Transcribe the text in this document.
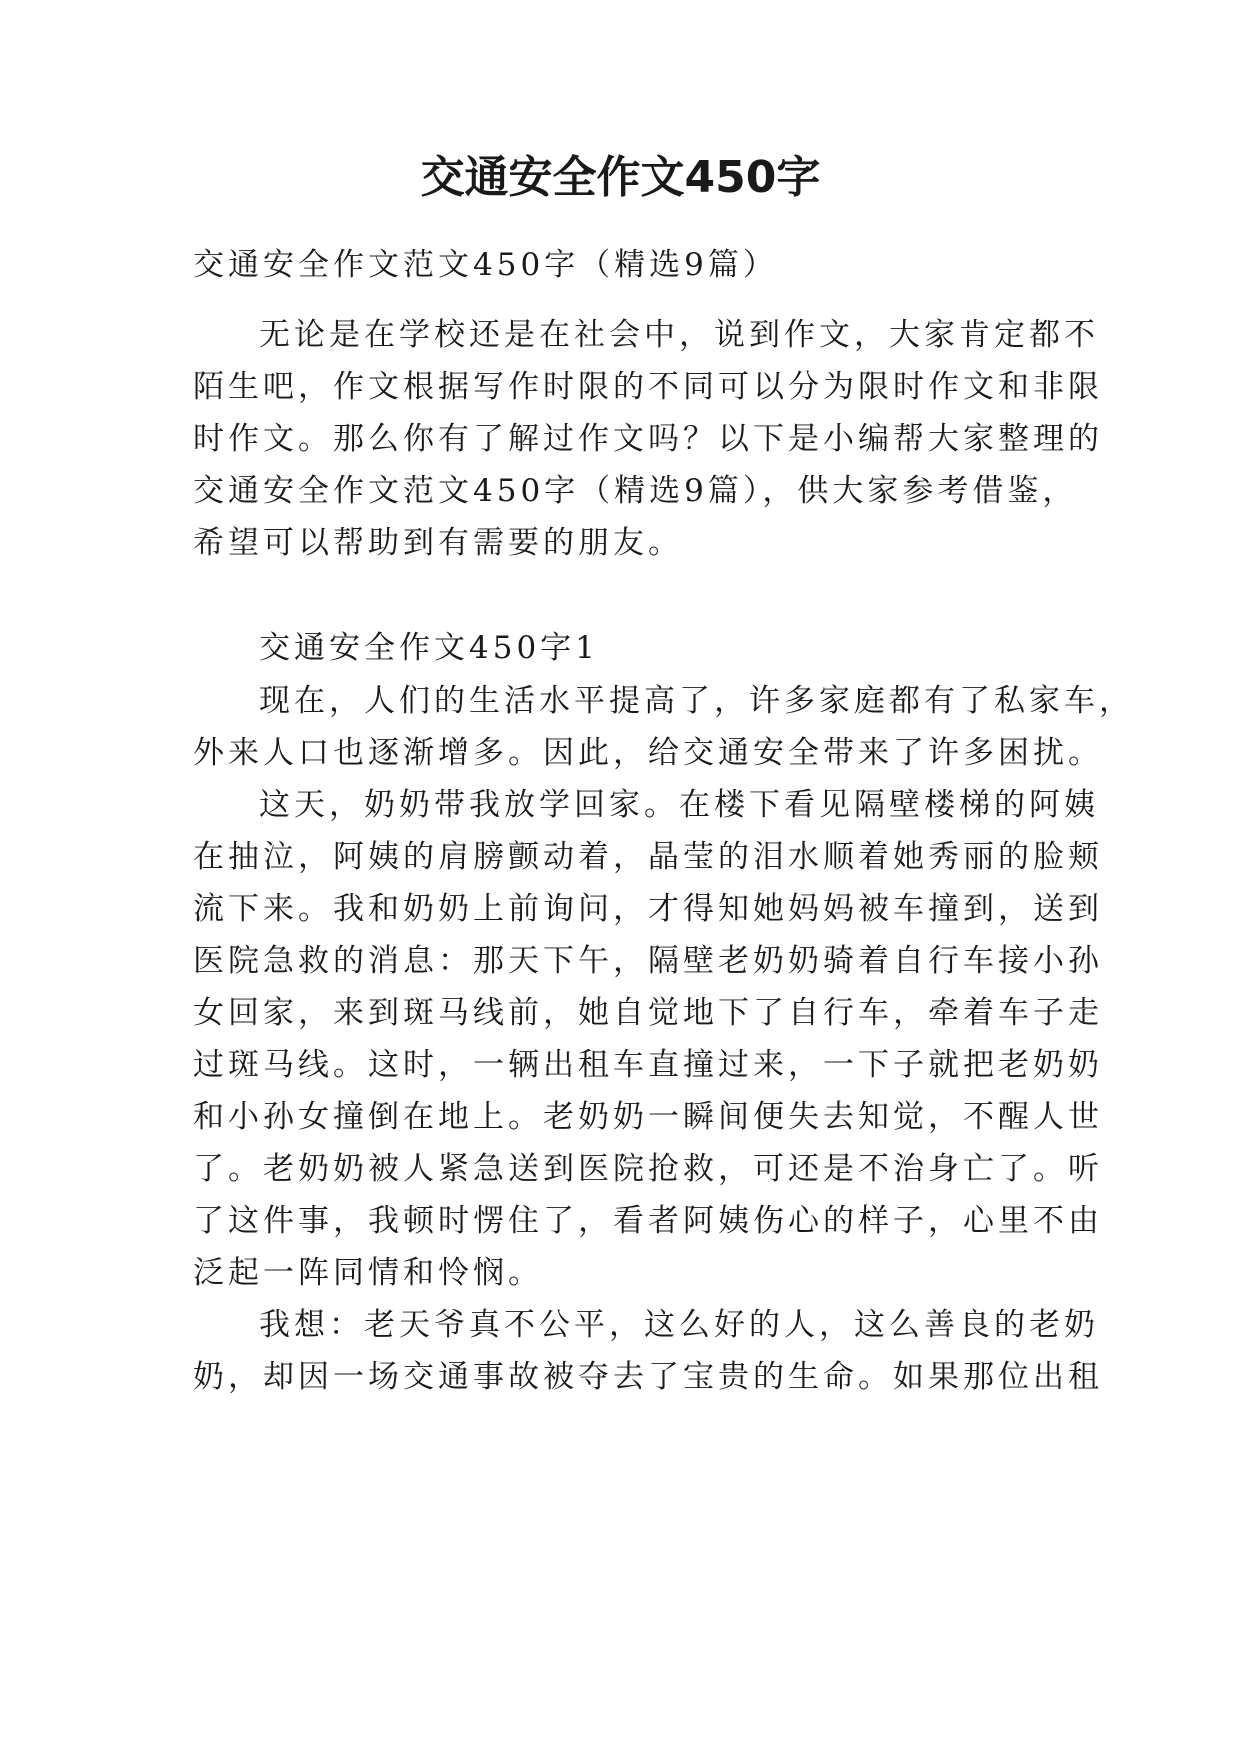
交通安全作文450字

交通安全作文范文450字（精选9篇）

无论是在学校还是在社会中，说到作文，大家肯定都不

陌生吧，作文根据写作时限的不同可以分为限时作文和非限

时作文。那么你有了解过作文吗？以下是小编帮大家整理的

交通安全作文范文450字（精选9篇），供大家参考借鉴，

希望可以帮助到有需要的朋友。

交通安全作文450字1

现在，人们的生活水平提高了，许多家庭都有了私家车，

外来人口也逐渐增多。因此，给交通安全带来了许多困扰。

这天，奶奶带我放学回家。在楼下看见隔壁楼梯的阿姨

在抽泣，阿姨的肩膀颤动着，晶莹的泪水顺着她秀丽的脸颊

流下来。我和奶奶上前询问，才得知她妈妈被车撞到，送到

医院急救的消息：那天下午，隔壁老奶奶骑着自行车接小孙

女回家，来到斑马线前，她自觉地下了自行车，牵着车子走

过斑马线。这时，一辆出租车直撞过来，一下子就把老奶奶

和小孙女撞倒在地上。老奶奶一瞬间便失去知觉，不醒人世

了。老奶奶被人紧急送到医院抢救，可还是不治身亡了。听

了这件事，我顿时愣住了，看者阿姨伤心的样子，心里不由

泛起一阵同情和怜悯。

我想：老天爷真不公平，这么好的人，这么善良的老奶

奶，却因一场交通事故被夺去了宝贵的生命。如果那位出租
